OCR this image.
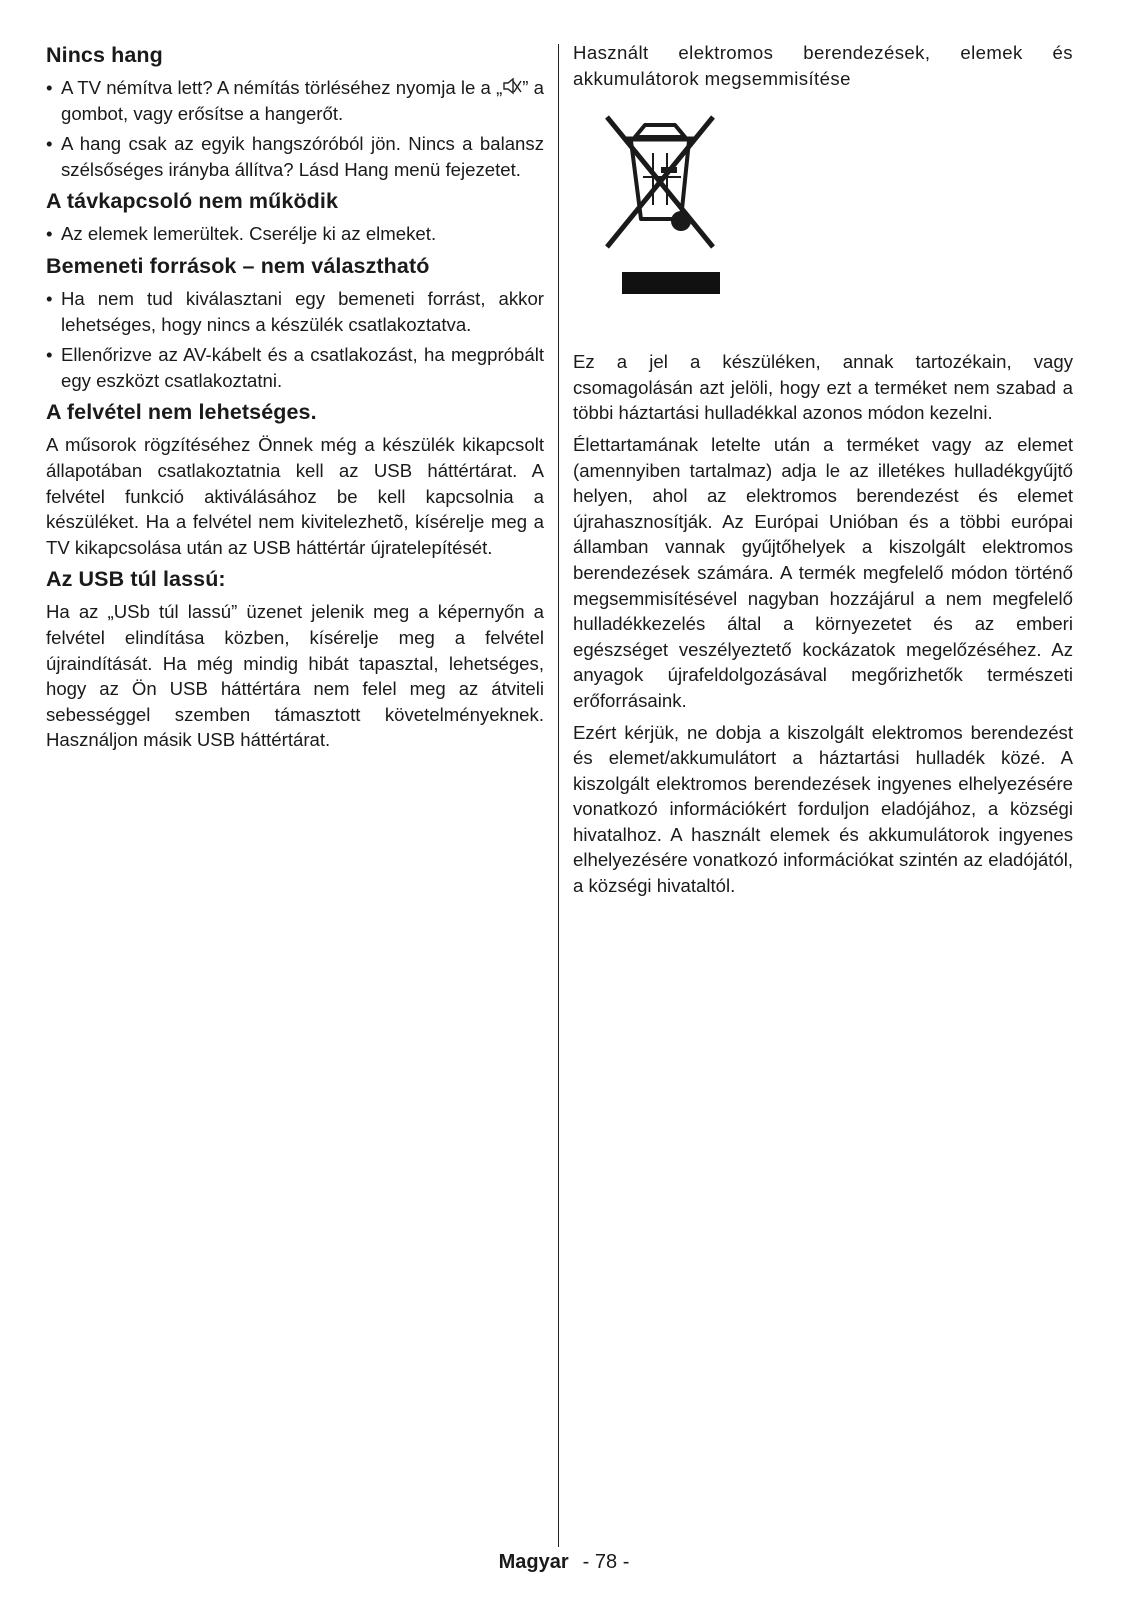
Nincs hang
• A TV némítva lett? A némítás törléséhez nyomja le a „ ” a gombot, vagy erősítse a hangerőt.
• A hang csak az egyik hangszóróból jön. Nincs a balansz szélsőséges irányba állítva? Lásd Hang menü fejezetet.
A távkapcsoló nem működik
• Az elemek lemerültek. Cserélje ki az elmeket.
Bemeneti források – nem választható
• Ha nem tud kiválasztani egy bemeneti forrást, akkor lehetséges, hogy nincs a készülék csatlakoztatva.
• Ellenőrizve az AV-kábelt és a csatlakozást, ha megpróbált egy eszközt csatlakoztatni.
A felvétel nem lehetséges.

A műsorok rögzítéséhez Önnek még a készülék kikapcsolt állapotában csatlakoztatnia kell az USB háttértárat. A felvétel funkció aktiválásához be kell kapcsolnia a készüléket. Ha a felvétel nem kivitelezhetõ, kísérelje meg a TV kikapcsolása után az USB háttértár újratelepítését.

Az USB túl lassú:

Ha az „USb túl lassú” üzenet jelenik meg a képernyőn a felvétel elindítása közben, kísérelje meg a felvétel újraindítását. Ha még mindig hibát tapasztal, lehetséges, hogy az Ön USB háttértára nem felel meg az átviteli sebességgel szemben támasztott követelményeknek. Használjon másik USB háttértárat.

Használt elektromos berendezések, elemek és akkumulátorok megsemmisítése

Ez a jel a készüléken, annak tartozékain, vagy csomagolásán azt jelöli, hogy ezt a terméket nem szabad a többi háztartási hulladékkal azonos módon kezelni.

Élettartamának letelte után a terméket vagy az elemet (amennyiben tartalmaz) adja le az illetékes hulladékgyűjtő helyen, ahol az elektromos berendezést és elemet újrahasznosítják. Az Európai Unióban és a többi európai államban vannak gyűjtőhelyek a kiszolgált elektromos berendezések számára. A termék megfelelő módon történő megsemmisítésével nagyban hozzájárul a nem megfelelő hulladékkezelés által a környezetet és az emberi egészséget veszélyeztető kockázatok megelőzéséhez. Az anyagok újrafeldolgozásával megőrizhetők természeti erőforrásaink.

Ezért kérjük, ne dobja a kiszolgált elektromos berendezést és elemet/akkumulátort a háztartási hulladék közé. A kiszolgált elektromos berendezések ingyenes elhelyezésére vonatkozó információkért forduljon eladójához, a községi hivatalhoz. A használt elemek és akkumulátorok ingyenes elhelyezésére vonatkozó információkat szintén az eladójától, a községi hivataltól.

Magyar - 78 -
